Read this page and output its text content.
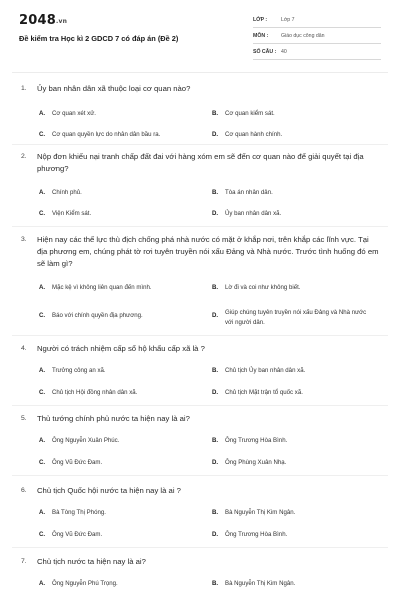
2048.vn
Đề kiểm tra Học kì 2 GDCD 7 có đáp án (Đề 2)
LỚP :	Lớp 7
MÔN : Giáo dục công dân
SỐ CÂU : 40
1.	Ủy ban nhân dân xã thuộc loại cơ quan nào?
A. Cơ quan xét xử.	B. Cơ quan kiểm sát.
C. Cơ quan quyền lực do nhân dân bầu ra.	D. Cơ quan hành chính.
2.	Nộp đơn khiếu nại tranh chấp đất đai với hàng xóm em sẽ đến cơ quan nào để giải quyết tại địa phương?
A. Chính phủ.	B. Tòa án nhân dân.
C. Viện Kiểm sát.	D. Ủy ban nhân dân xã.
3.	Hiện nay các thế lực thù địch chống phá nhà nước có mặt ở khắp nơi, trên khắp các lĩnh vực. Tại địa phương em, chúng phát tờ rơi tuyên truyền nói xấu Đảng và Nhà nước. Trước tình huống đó em sẽ làm gì?
A. Mặc kệ vì không liên quan đến mình.	B. Lờ đi và coi như không biết.
C. Báo với chính quyền địa phương.	D. Giúp chúng tuyên truyền nói xấu Đảng và Nhà nước với người dân.
4.	Người có trách nhiệm cấp sổ hộ khẩu cấp xã là ?
A. Trưởng công an xã.	B. Chủ tịch Ủy ban nhân dân xã.
C. Chủ tịch Hội đồng nhân dân xã.	D. Chủ tịch Mặt trận tổ quốc xã.
5.	Thủ tướng chính phủ nước ta hiện nay là ai?
A. Ông Nguyễn Xuân Phúc.	B. Ông Trương Hòa Bình.
C. Ông Vũ Đức Đam.	D. Ông Phùng Xuân Nhạ.
6.	Chủ tịch Quốc hội nước ta hiện nay là ai ?
A. Bà Tòng Thị Phóng.	B. Bà Nguyễn Thị Kim Ngân.
C. Ông Vũ Đức Đam.	D. Ông Trương Hòa Bình.
7.	Chủ tịch nước ta hiện nay là ai?
A. Ông Nguyễn Phú Trọng.	B. Bà Nguyễn Thị Kim Ngân.
